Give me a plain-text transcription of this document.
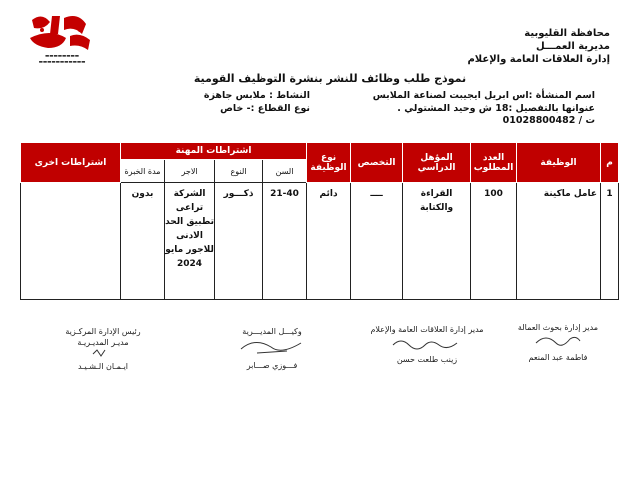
▬▬▬▬▬▬▬▬
▬▬▬▬▬▬▬▬▬▬▬
محافظة القليوبية
مديرية العمـــل
إدارة العلاقات العامة والإعلام
نموذج طلب وظائف للنشر بنشرة التوظيف القومية
اسم المنشأة :اس ابريل ايجيبت لصناعة الملابس
عنوانها بالتفصيل :18 ش وحيد المشتولي .
ت / 01028800482
النشاط : ملابس جاهزة
نوع القطاع :- خاص
م	الوظيفة	العدد المطلوب	المؤهل الدراسي	التخصص	نوع الوظيفة	اشتراطات المهنة				اشتراطات اخرى
						السن	النوع	الاجر	مدة الخبرة	
1	عامل ماكينة	100	القراءة والكتابة	ــــ	دائم	21-40	ذكـــور	الشركة تراعى تطبيق الحد الادنى للاجور مايو 2024	بدون	
مدير إدارة بحوث العمالة
فاطمة عبد المنعم
مدير إدارة العلاقات العامة والإعلام
زينب طلعت حسن
وكيـــل المديـــرية
فـــوزي صـــابر
رئيس الإدارة المركـزية
مديـر المديـريـة
ايـمـان الـشـيـد
